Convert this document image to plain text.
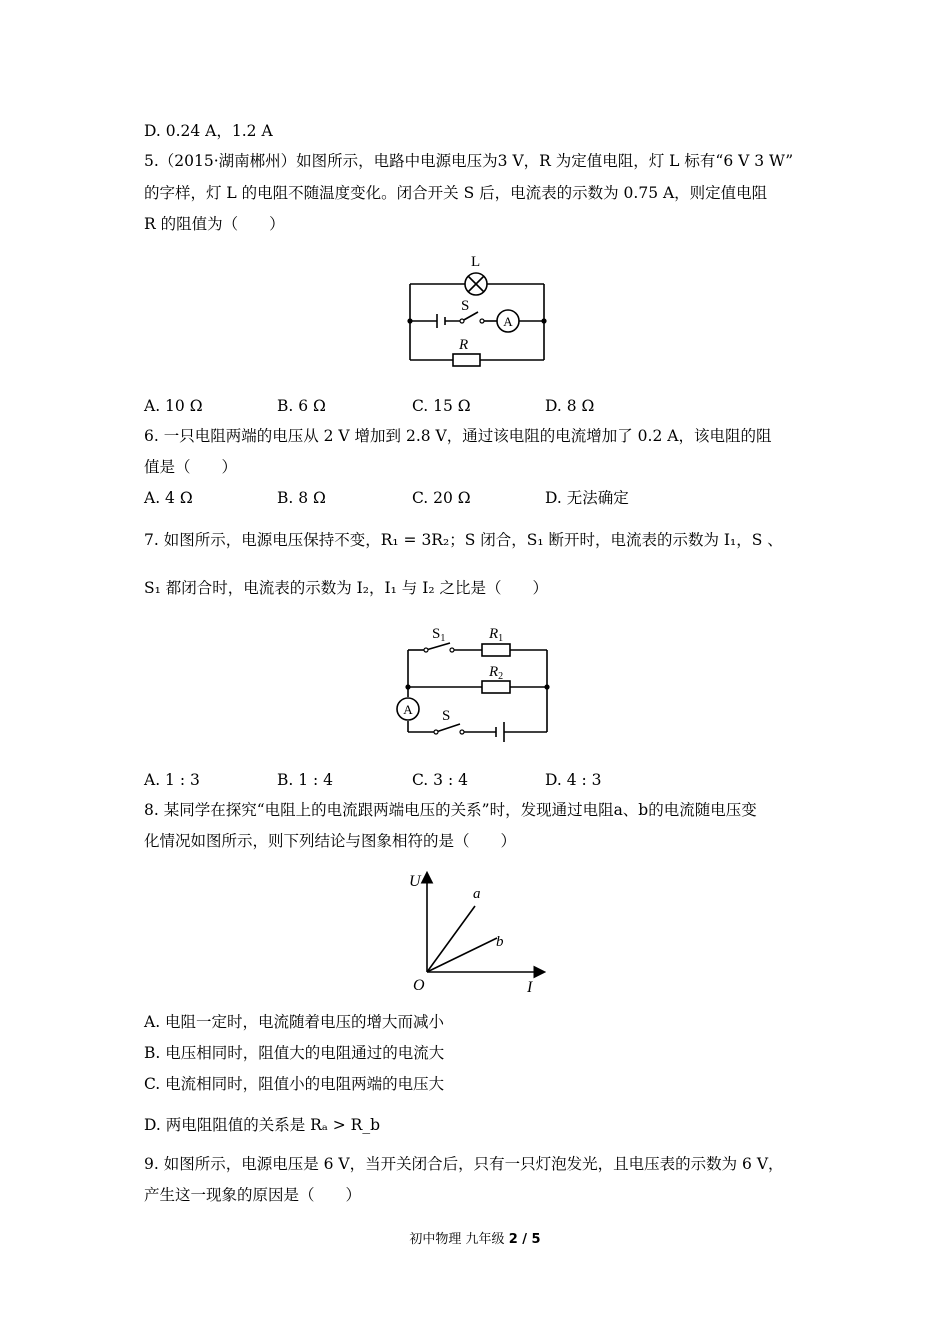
D. 0.24 A，1.2 A
5.（2015·湖南郴州）如图所示，电路中电源电压为3 V，R 为定值电阻，灯 L 标有“6 V 3 W”
的字样，灯 L 的电阻不随温度变化。闭合开关 S 后，电流表的示数为 0.75 A，则定值电阻
R 的阻值为（　　）
A
L
S
R
A. 10 Ω	B. 6 Ω	C. 15 Ω	D. 8 Ω
6. 一只电阻两端的电压从 2 V 增加到 2.8 V，通过该电阻的电流增加了 0.2 A，该电阻的阻
值是（　　）
A. 4 Ω	B. 8 Ω	C. 20 Ω	D. 无法确定
7. 如图所示，电源电压保持不变，R₁ = 3R₂；S 闭合，S₁ 断开时，电流表的示数为 I₁，S 、
S₁ 都闭合时，电流表的示数为 I₂，I₁ 与 I₂ 之比是（　　）
A
$S_1$	$R_1$
$R_2$
S
A. 1 : 3	B. 1 : 4	C. 3 : 4	D. 4 : 3
8. 某同学在探究“电阻上的电流跟两端电压的关系”时，发现通过电阻a、b的电流随电压变
化情况如图所示，则下列结论与图象相符的是（　　）
U
I
O
a
b
A. 电阻一定时，电流随着电压的增大而减小
B. 电压相同时，阻值大的电阻通过的电流大
C. 电流相同时，阻值小的电阻两端的电压大
D. 两电阻阻值的关系是 Rₐ > R_b
9. 如图所示，电源电压是 6 V，当开关闭合后，只有一只灯泡发光，且电压表的示数为 6 V，
产生这一现象的原因是（　　）
初中物理 九年级 2 / 5
